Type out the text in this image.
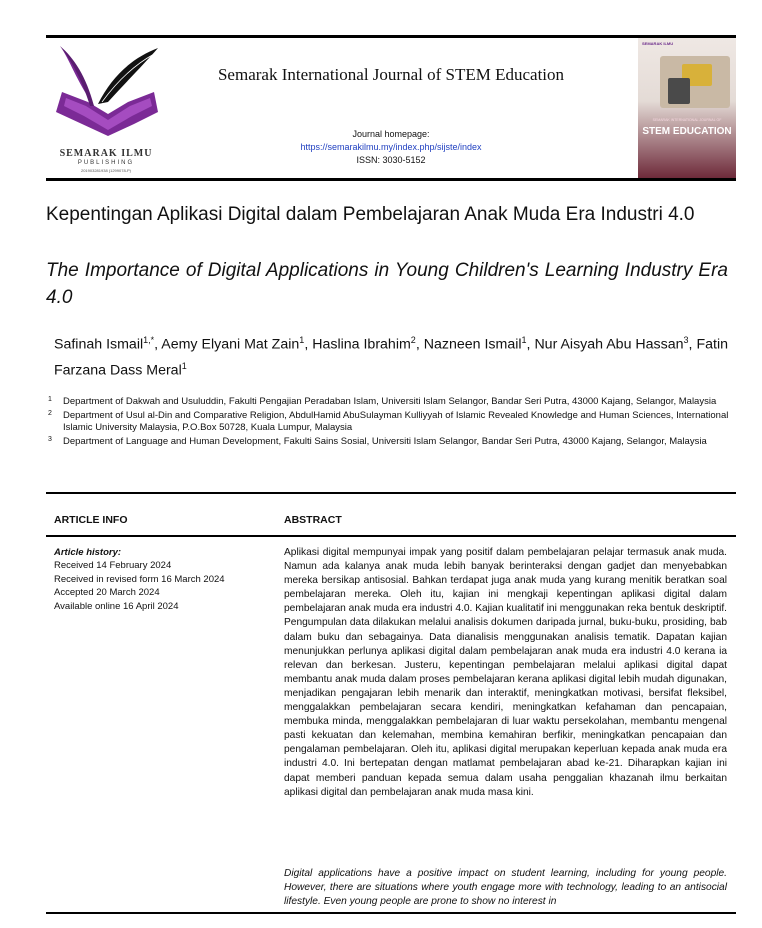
SEMARAK ILMU
PUBLISHING
201903281938 (1299078-P)
Semarak International Journal of STEM Education
Journal homepage:
https://semarakilmu.my/index.php/sijste/index
ISSN: 3030-5152
SEMARAK ILMU
SEMARAK INTERNATIONAL JOURNAL OF
STEM EDUCATION
Kepentingan Aplikasi Digital dalam Pembelajaran Anak Muda Era Industri 4.0
The Importance of Digital Applications in Young Children's Learning Industry Era 4.0
Safinah Ismail$^{1,*}$, Aemy Elyani Mat Zain$^1$, Haslina Ibrahim$^2$, Nazneen Ismail$^1$, Nur Aisyah Abu Hassan$^3$, Fatin Farzana Dass Meral$^1$
1 Department of Dakwah and Usuluddin, Fakulti Pengajian Peradaban Islam, Universiti Islam Selangor, Bandar Seri Putra, 43000 Kajang, Selangor, Malaysia
2 Department of Usul al-Din and Comparative Religion, AbdulHamid AbuSulayman Kulliyyah of Islamic Revealed Knowledge and Human Sciences, International Islamic University Malaysia, P.O.Box 50728, Kuala Lumpur, Malaysia
3 Department of Language and Human Development, Fakulti Sains Sosial, Universiti Islam Selangor, Bandar Seri Putra, 43000 Kajang, Selangor, Malaysia
ARTICLE INFO	ABSTRACT
Article history:
Received 14 February 2024
Received in revised form 16 March 2024
Accepted 20 March 2024
Available online 16 April 2024
Aplikasi digital mempunyai impak yang positif dalam pembelajaran pelajar termasuk anak muda. Namun ada kalanya anak muda lebih banyak berinteraksi dengan gadjet dan menyebabkan mereka bersikap antisosial. Bahkan terdapat juga anak muda yang kurang menitik beratkan soal pembelajaran mereka. Oleh itu, kajian ini mengkaji kepentingan aplikasi digital dalam pembelajaran anak muda era industri 4.0. Kajian kualitatif ini menggunakan reka bentuk deskriptif. Pengumpulan data dilakukan melalui analisis dokumen daripada jurnal, buku-buku, prosiding, bab dalam buku dan sebagainya. Data dianalisis menggunakan analisis tematik. Dapatan kajian menunjukkan perlunya aplikasi digital dalam pembelajaran anak muda era industri 4.0 kerana ia relevan dan berkesan. Justeru, kepentingan pembelajaran melalui aplikasi digital dapat membantu anak muda dalam proses pembelajaran kerana aplikasi digital lebih mudah digunakan, menjadikan pengajaran lebih menarik dan interaktif, meningkatkan motivasi, bersifat fleksibel, menggalakkan pembelajaran secara kendiri, meningkatkan kefahaman dan pencapaian, membuka minda, menggalakkan pembelajaran di luar waktu persekolahan, membantu mengenal pasti kekuatan dan kelemahan, membina kemahiran berfikir, meningkatkan pencapaian dan pengalaman pembelajaran. Oleh itu, aplikasi digital merupakan keperluan kepada anak muda era industri 4.0. Ini bertepatan dengan matlamat pembelajaran abad ke-21. Diharapkan kajian ini dapat memberi panduan kepada semua dalam usaha penggalian khazanah ilmu berkaitan aplikasi digital dan pembelajaran anak muda masa kini.
Digital applications have a positive impact on student learning, including for young people. However, there are situations where youth engage more with technology, leading to an antisocial lifestyle. Even young people are prone to show no interest in
